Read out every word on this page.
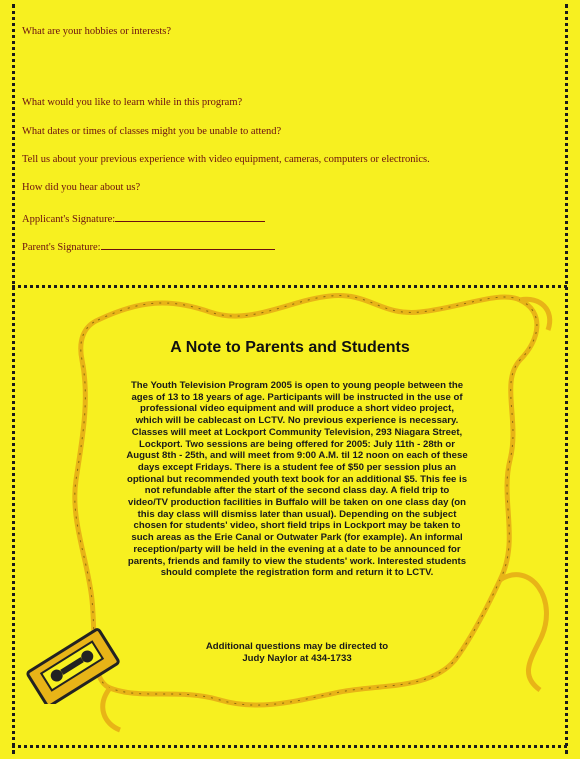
What are your hobbies or interests?
What would you like to learn while in this program?
What dates or times of classes might you be unable to attend?
Tell us about your previous experience with video equipment, cameras, computers or electronics.
How did you hear about us?
Applicant's Signature:
Parent's Signature:
A Note to Parents and Students
The Youth Television Program 2005 is open to young people between the ages of 13 to 18 years of age. Participants will be instructed in the use of professional video equipment and will produce a short video project, which will be cablecast on LCTV. No previous experience is necessary. Classes will meet at Lockport Community Television, 293 Niagara Street, Lockport. Two sessions are being offered for 2005: July 11th - 28th or August 8th - 25th, and will meet from 9:00 A.M. til 12 noon on each of these days except Fridays. There is a student fee of $50 per session plus an optional but recommended youth text book for an additional $5. This fee is not refundable after the start of the second class day. A field trip to video/TV production facilities in Buffalo will be taken on one class day (on this day class will dismiss later than usual). Depending on the subject chosen for students' video, short field trips in Lockport may be taken to such areas as the Erie Canal or Outwater Park (for example). An informal reception/party will be held in the evening at a date to be announced for parents, friends and family to view the students' work. Interested students should complete the registration form and return it to LCTV.
Additional questions may be directed to
Judy Naylor at 434-1733
